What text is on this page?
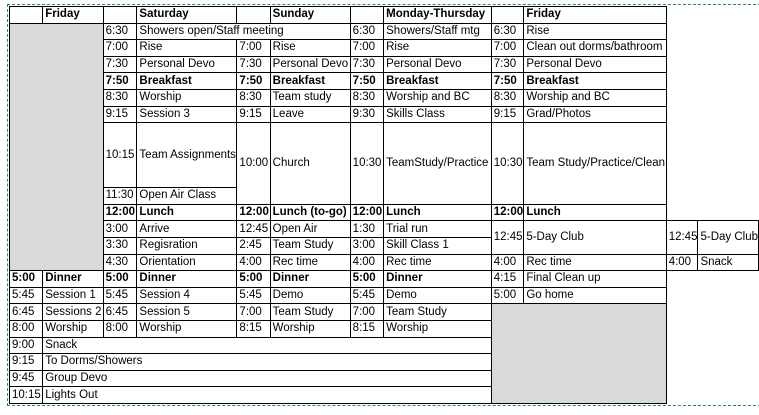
	Friday		Saturday		Sunday		Monday-Thursday		Friday		
		6:30	Showers open/Staff meeting			6:30	Showers/Staff mtg	6:30	Rise		
		7:00	Rise	7:00	Rise	7:00	Rise	7:00	Clean out dorms/bathroom		
		7:30	Personal Devo	7:30	Personal Devo	7:30	Personal Devo	7:30	Personal Devo		
		7:50	Breakfast	7:50	Breakfast	7:50	Breakfast	7:50	Breakfast		
		8:30	Worship	8:30	Team study	8:30	Worship and BC	8:30	Worship and BC		
		9:15	Session 3	9:15	Leave	9:30	Skills Class	9:15	Grad/Photos		
		10:15	Team Assignments	10:00	Church	10:30	TeamStudy/Practice	10:30	Team Study/Practice/Clean		
		11:30	Open Air Class								
		12:00	Lunch	12:00	Lunch (to-go)	12:00	Lunch	12:00	Lunch		
		3:00	Arrive	12:45	Open Air	1:30	Trial run	12:45	5-Day Club	12:45	5-Day Club
		3:30	Regisration	2:45	Team Study	3:00	Skill Class 1				
		4:30	Orientation	4:00	Rec time	4:00	Rec time	4:00	Rec time	4:00	Snack
5:00	Dinner	5:00	Dinner	5:00	Dinner	5:00	Dinner	4:15	Final Clean up		
5:45	Session 1	5:45	Session 4	5:45	Demo	5:45	Demo	5:00	Go home		
6:45	Sessions 2	6:45	Session 5	7:00	Team Study	7:00	Team Study				
8:00	Worship	8:00	Worship	8:15	Worship	8:15	Worship				
9:00	Snack										
9:15	To Dorms/Showers										
9:45	Group Devo										
10:15	Lights Out										
